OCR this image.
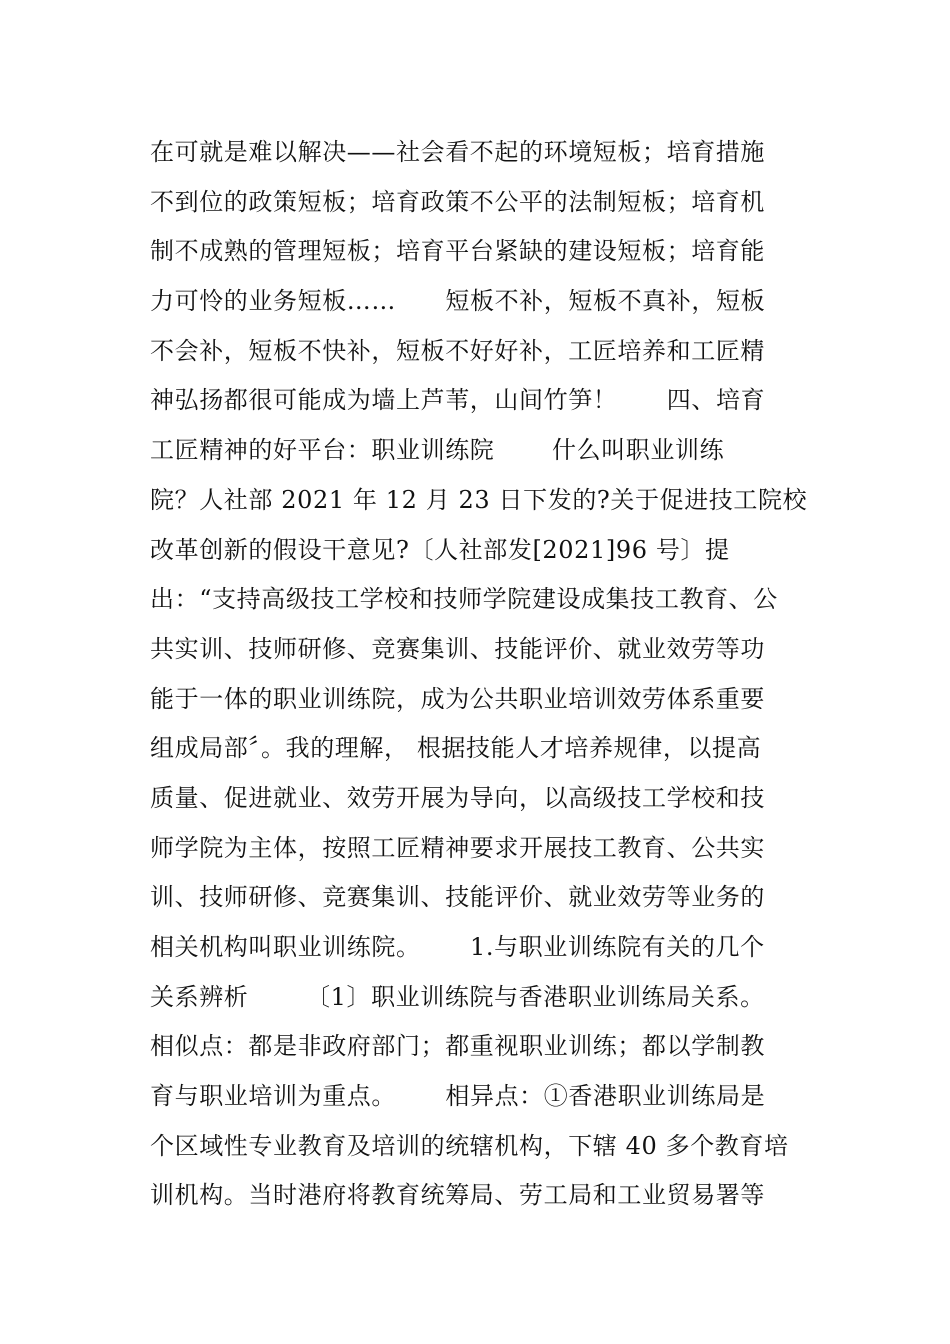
在可就是难以解决——社会看不起的环境短板；培育措施
不到位的政策短板；培育政策不公平的法制短板；培育机
制不成熟的管理短板；培育平台紧缺的建设短板；培育能
力可怜的业务短板……      短板不补，短板不真补，短板
不会补，短板不快补，短板不好好补，工匠培养和工匠精
神弘扬都很可能成为墙上芦苇，山间竹笋！      四、培育
工匠精神的好平台：职业训练院       什么叫职业训练
院？人社部 2021 年 12 月 23 日下发的?关于促进技工院校
改革创新的假设干意见?〔人社部发[2021]96 号〕提
出：“支持高级技工学校和技师学院建设成集技工教育、公
共实训、技师研修、竞赛集训、技能评价、就业效劳等功
能于一体的职业训练院，成为公共职业培训效劳体系重要
组成局部〞。我的理解， 根据技能人才培养规律，以提高
质量、促进就业、效劳开展为导向，以高级技工学校和技
师学院为主体，按照工匠精神要求开展技工教育、公共实
训、技师研修、竞赛集训、技能评价、就业效劳等业务的
相关机构叫职业训练院。      1.与职业训练院有关的几个
关系辨析       〔1〕职业训练院与香港职业训练局关系。
相似点：都是非政府部门；都重视职业训练；都以学制教
育与职业培训为重点。      相异点：①香港职业训练局是
个区域性专业教育及培训的统辖机构，下辖 40 多个教育培
训机构。当时港府将教育统筹局、劳工局和工业贸易署等
